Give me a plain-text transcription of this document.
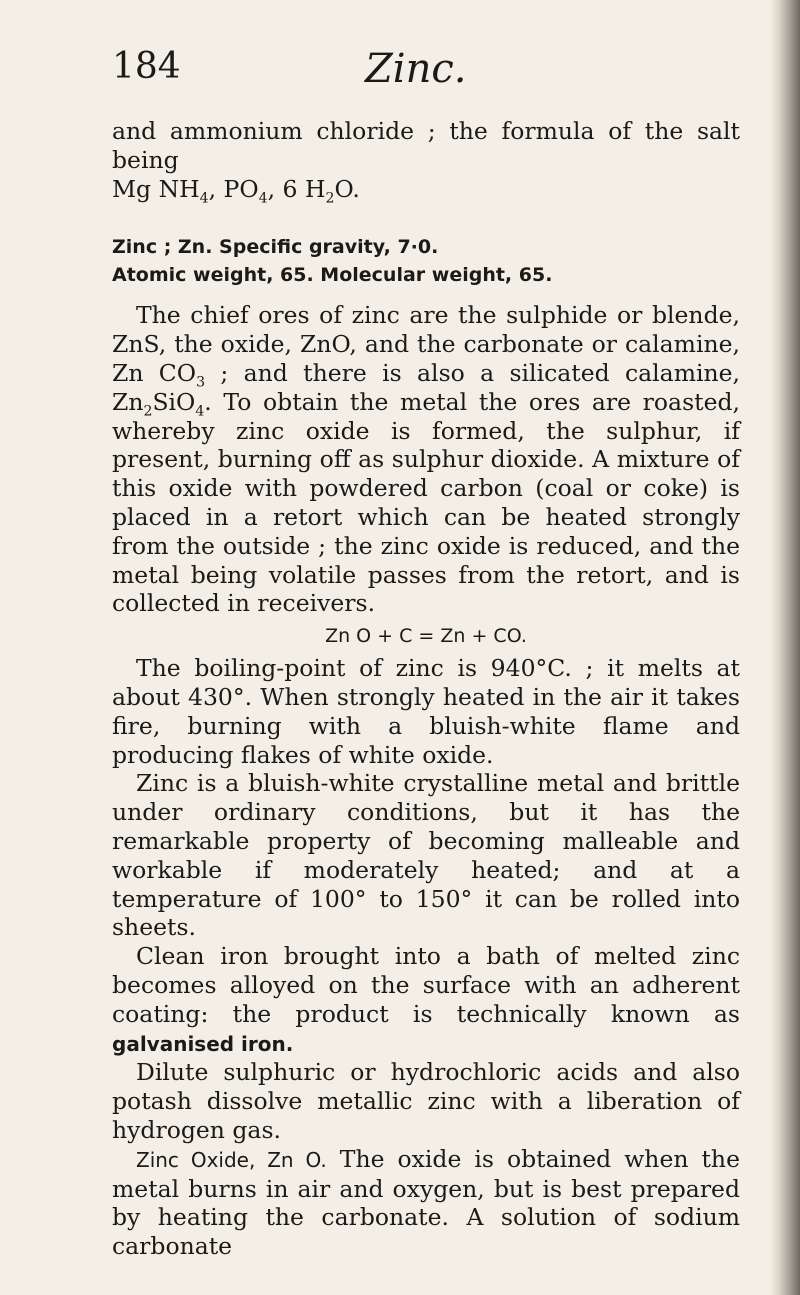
184	Zinc.

and ammonium chloride ; the formula of the salt being
Mg $NH_4$, $PO_4$, 6 $H_2O$.

Zinc ; Zn. Specific gravity, 7·0.

Atomic weight, 65. Molecular weight, 65.

The chief ores of zinc are the sulphide or blende, ZnS, the oxide, ZnO, and the carbonate or calamine, Zn $CO_3$ ; and there is also a silicated calamine, $Zn_2SiO_4$. To obtain the metal the ores are roasted, whereby zinc oxide is formed, the sulphur, if present, burning off as sulphur dioxide. A mixture of this oxide with powdered carbon (coal or coke) is placed in a retort which can be heated strongly from the outside ; the zinc oxide is reduced, and the metal being volatile passes from the retort, and is collected in receivers.

Zn O + C = Zn + CO.

The boiling-point of zinc is 940°C. ; it melts at about 430°. When strongly heated in the air it takes fire, burning with a bluish-white flame and producing flakes of white oxide.

Zinc is a bluish-white crystalline metal and brittle under ordinary conditions, but it has the remarkable property of becoming malleable and workable if moderately heated; and at a temperature of 100° to 150° it can be rolled into sheets.

Clean iron brought into a bath of melted zinc becomes alloyed on the surface with an adherent coating: the product is technically known as galvanised iron.

Dilute sulphuric or hydrochloric acids and also potash dissolve metallic zinc with a liberation of hydrogen gas.

Zinc Oxide, Zn O. The oxide is obtained when the metal burns in air and oxygen, but is best prepared by heating the carbonate. A solution of sodium carbonate
